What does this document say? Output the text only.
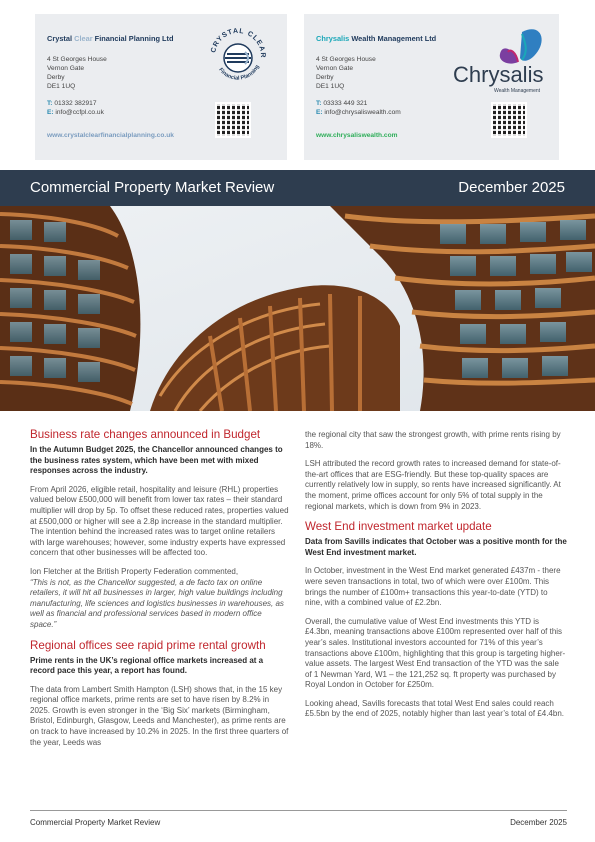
Crystal Clear Financial Planning Ltd
4 St Georges House
Vernon Gate
Derby
DE1 1UQ
T: 01332 382917
E: info@ccfpl.co.uk
www.crystalclearfinancialplanning.co.uk
CRYSTAL CLEAR
Financial Planning
Chrysalis Wealth Management Ltd
4 St Georges House
Vernon Gate
Derby
DE1 1UQ
T: 03333 449 321
E: info@chrysaliswealth.com
www.chrysaliswealth.com
Chrysalis
Wealth Management
Commercial Property Market Review	December 2025
Business rate changes announced in Budget

In the Autumn Budget 2025, the Chancellor announced changes to the business rates system, which have been met with mixed responses across the industry.

From April 2026, eligible retail, hospitality and leisure (RHL) properties valued below £500,000 will benefit from lower tax rates – their standard multiplier will drop by 5p. To offset these reduced rates, properties valued at £500,000 or higher will see a 2.8p increase in the standard multiplier. The intention behind the increased rates was to target online retailers with large warehouses; however, some industry experts have expressed concern that other businesses will be affected too.

Ion Fletcher at the British Property Federation commented,

“This is not, as the Chancellor suggested, a de facto tax on online retailers, it will hit all businesses in larger, high value buildings including manufacturing, life sciences and logistics businesses in warehouses, as well as financial and professional services based in modern office space.”

Regional offices see rapid prime rental growth

Prime rents in the UK’s regional office markets increased at a record pace this year, a report has found.

The data from Lambert Smith Hampton (LSH) shows that, in the 15 key regional office markets, prime rents are set to have risen by 8.2% in 2025. Growth is even stronger in the ‘Big Six’ markets (Birmingham, Bristol, Edinburgh, Glasgow, Leeds and Manchester), as prime rents are on track to have increased by 10.2% in 2025. In the first three quarters of the year, Leeds was

the regional city that saw the strongest growth, with prime rents rising by 18%.

LSH attributed the record growth rates to increased demand for state-of-the-art offices that are ESG-friendly. But these top-quality spaces are currently relatively low in supply, so rents have increased significantly. At the moment, prime offices account for only 5% of total supply in the regional markets, which is down from 9% in 2023.

West End investment market update

Data from Savills indicates that October was a positive month for the West End investment market.

In October, investment in the West End market generated £437m - there were seven transactions in total, two of which were over £100m. This brings the number of £100m+ transactions this year-to-date (YTD) to nine, with a combined value of £2.2bn.

Overall, the cumulative value of West End investments this YTD is £4.3bn, meaning transactions above £100m represented over half of this year’s sales. Institutional investors accounted for 71% of this year’s transactions above £100m, highlighting that this group is targeting higher-value assets. The largest West End transaction of the YTD was the sale of 1 Newman Yard, W1 – the 121,252 sq. ft property was purchased by Royal London in October for £250m.

Looking ahead, Savills forecasts that total West End sales could reach £5.5bn by the end of 2025, notably higher than last year’s total of £4.4bn.

Commercial Property Market Review	December 2025
